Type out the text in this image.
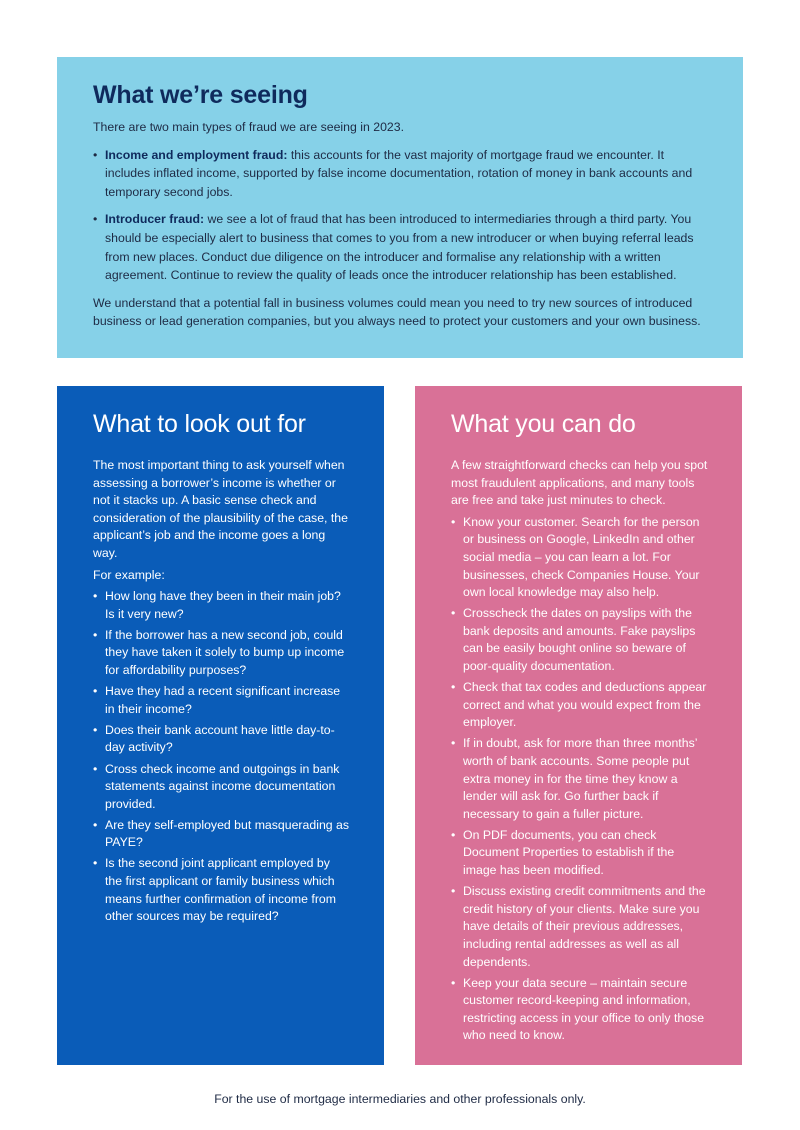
What we’re seeing

There are two main types of fraud we are seeing in 2023.

• Income and employment fraud: this accounts for the vast majority of mortgage fraud we encounter. It includes inflated income, supported by false income documentation, rotation of money in bank accounts and temporary second jobs.
• Introducer fraud: we see a lot of fraud that has been introduced to intermediaries through a third party. You should be especially alert to business that comes to you from a new introducer or when buying referral leads from new places. Conduct due diligence on the introducer and formalise any relationship with a written agreement. Continue to review the quality of leads once the introducer relationship has been established.

We understand that a potential fall in business volumes could mean you need to try new sources of introduced business or lead generation companies, but you always need to protect your customers and your own business.

What to look out for

The most important thing to ask yourself when assessing a borrower’s income is whether or not it stacks up. A basic sense check and consideration of the plausibility of the case, the applicant’s job and the income goes a long way.

For example:

• How long have they been in their main job? Is it very new?
• If the borrower has a new second job, could they have taken it solely to bump up income for affordability purposes?
• Have they had a recent significant increase in their income?
• Does their bank account have little day-to-day activity?
• Cross check income and outgoings in bank statements against income documentation provided.
• Are they self-employed but masquerading as PAYE?
• Is the second joint applicant employed by the first applicant or family business which means further confirmation of income from other sources may be required?
What you can do

A few straightforward checks can help you spot most fraudulent applications, and many tools are free and take just minutes to check.

• Know your customer. Search for the person or business on Google, LinkedIn and other social media – you can learn a lot. For businesses, check Companies House. Your own local knowledge may also help.
• Crosscheck the dates on payslips with the bank deposits and amounts. Fake payslips can be easily bought online so beware of poor-quality documentation.
• Check that tax codes and deductions appear correct and what you would expect from the employer.
• If in doubt, ask for more than three months’ worth of bank accounts. Some people put extra money in for the time they know a lender will ask for. Go further back if necessary to gain a fuller picture.
• On PDF documents, you can check Document Properties to establish if the image has been modified.
• Discuss existing credit commitments and the credit history of your clients. Make sure you have details of their previous addresses, including rental addresses as well as all dependents.
• Keep your data secure – maintain secure customer record-keeping and information, restricting access in your office to only those who need to know.
For the use of mortgage intermediaries and other professionals only.
